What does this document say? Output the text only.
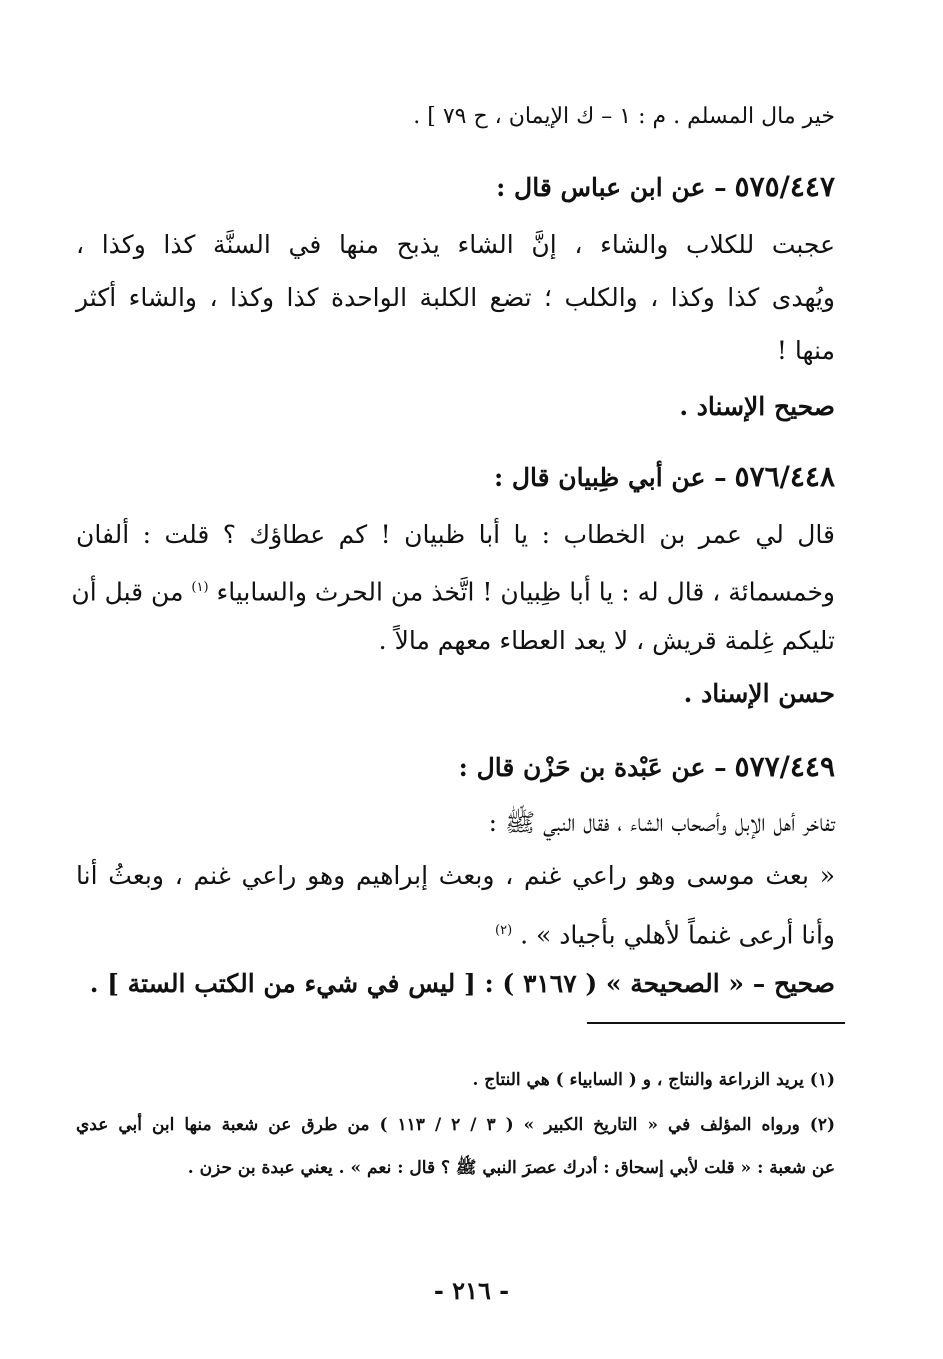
خير مال المسلم . م : ١ – ك الإيمان ، ح ٧٩ ] .
٥٧٥/٤٤٧ – عن ابن عباس قال :
عجبت للكلاب والشاء ، إنَّ الشاء يذبح منها في السنَّة كذا وكذا ،
ويُهدى كذا وكذا ، والكلب ؛ تضع الكلبة الواحدة كذا وكذا ، والشاء أكثر
منها !
صحيح الإسناد .
٥٧٦/٤٤٨ – عن أبي ظِبيان قال :
قال لي عمر بن الخطاب : يا أبا ظبيان ! كم عطاؤك ؟ قلت : ألفان
وخمسمائة ، قال له : يا أبا ظِبيان ! اتَّخذ من الحرث والسابياء $^{(١)}$ من قبل أن
تليكم غِلمة قريش ، لا يعد العطاء معهم مالاً .
حسن الإسناد .
٥٧٧/٤٤٩ – عن عَبْدة بن حَزْن قال :
تفاخر أهل الإبل وأصحاب الشاء ، فقال النبي ﷺ :
« بعث موسى وهو راعي غنم ، وبعث إبراهيم وهو راعي غنم ، وبعثُ أنا
وأنا أرعى غنماً لأهلي بأجياد » . $^{(٢)}$
صحيح – « الصحيحة » ( ٣١٦٧ ) : [ ليس في شيء من الكتب الستة ] .
(١) يريد الزراعة والنتاج ، و ( السابياء ) هي النتاج .
(٢) ورواه المؤلف في « التاريخ الكبير » ( ٣ / ٢ / ١١٣ ) من طرق عن شعبة منها ابن أبي عدي
عن شعبة : « قلت لأبي إسحاق : أدرك عصرَ النبي ﷺ ؟ قال : نعم » . يعني عبدة بن حزن .
- ٢١٦ -
